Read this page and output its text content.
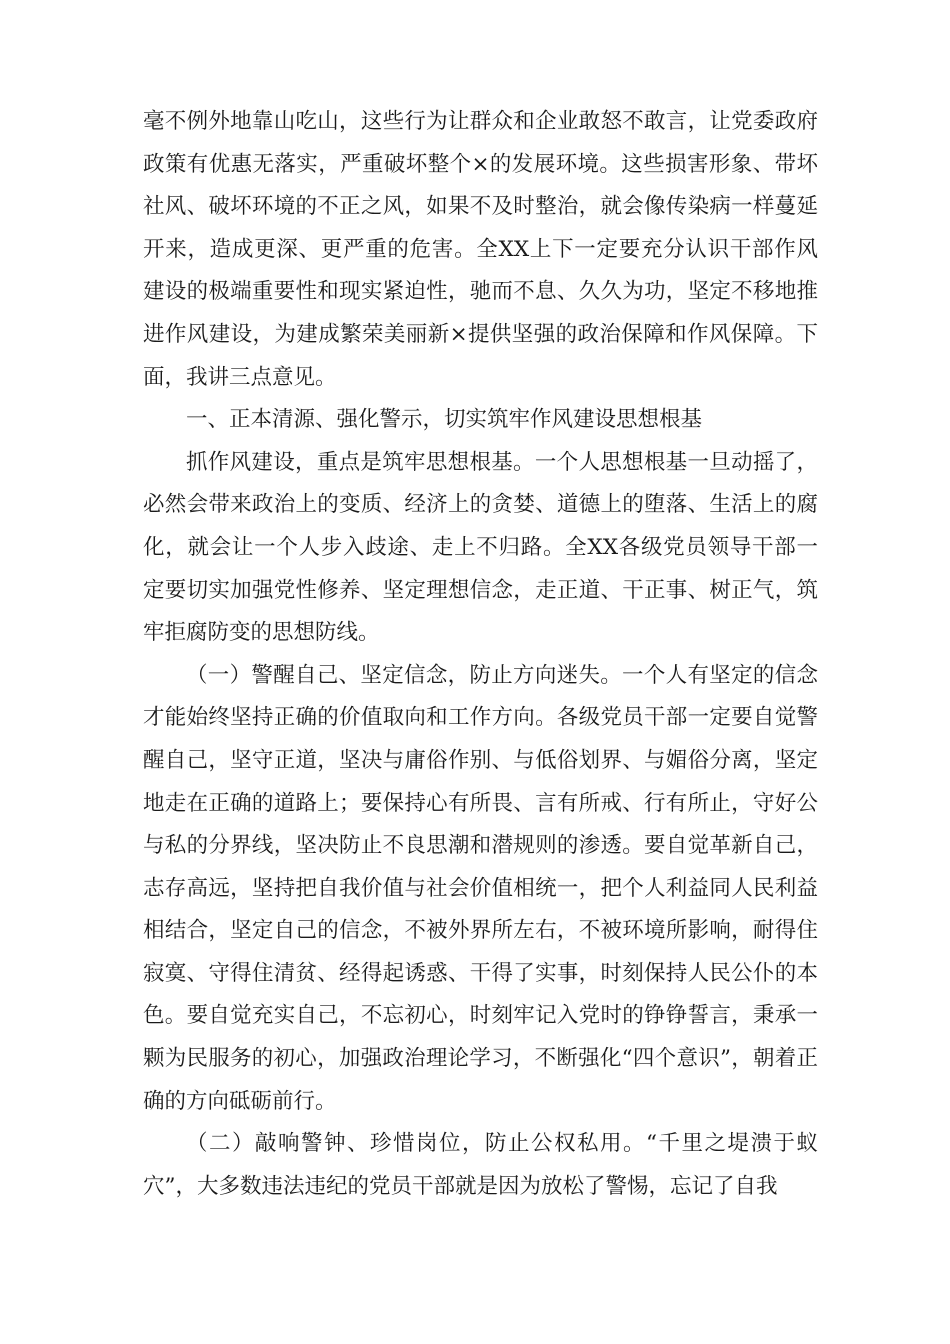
毫不例外地靠山吃山，这些行为让群众和企业敢怒不敢言，让党委政府政策有优惠无落实，严重破坏整个×的发展环境。这些损害形象、带坏社风、破坏环境的不正之风，如果不及时整治，就会像传染病一样蔓延开来，造成更深、更严重的危害。全XX上下一定要充分认识干部作风建设的极端重要性和现实紧迫性，驰而不息、久久为功，坚定不移地推进作风建设，为建成繁荣美丽新×提供坚强的政治保障和作风保障。下面，我讲三点意见。

一、正本清源、强化警示，切实筑牢作风建设思想根基

抓作风建设，重点是筑牢思想根基。一个人思想根基一旦动摇了，必然会带来政治上的变质、经济上的贪婪、道德上的堕落、生活上的腐化，就会让一个人步入歧途、走上不归路。全XX各级党员领导干部一定要切实加强党性修养、坚定理想信念，走正道、干正事、树正气，筑牢拒腐防变的思想防线。

（一）警醒自己、坚定信念，防止方向迷失。一个人有坚定的信念才能始终坚持正确的价值取向和工作方向。各级党员干部一定要自觉警醒自己，坚守正道，坚决与庸俗作别、与低俗划界、与媚俗分离，坚定地走在正确的道路上；要保持心有所畏、言有所戒、行有所止，守好公与私的分界线，坚决防止不良思潮和潜规则的渗透。要自觉革新自己，志存高远，坚持把自我价值与社会价值相统一，把个人利益同人民利益相结合，坚定自己的信念，不被外界所左右，不被环境所影响，耐得住寂寞、守得住清贫、经得起诱惑、干得了实事，时刻保持人民公仆的本色。要自觉充实自己，不忘初心，时刻牢记入党时的铮铮誓言，秉承一颗为民服务的初心，加强政治理论学习，不断强化“四个意识”，朝着正确的方向砥砺前行。

（二）敲响警钟、珍惜岗位，防止公权私用。“千里之堤溃于蚁穴”，大多数违法违纪的党员干部就是因为放松了警惕，忘记了自我
